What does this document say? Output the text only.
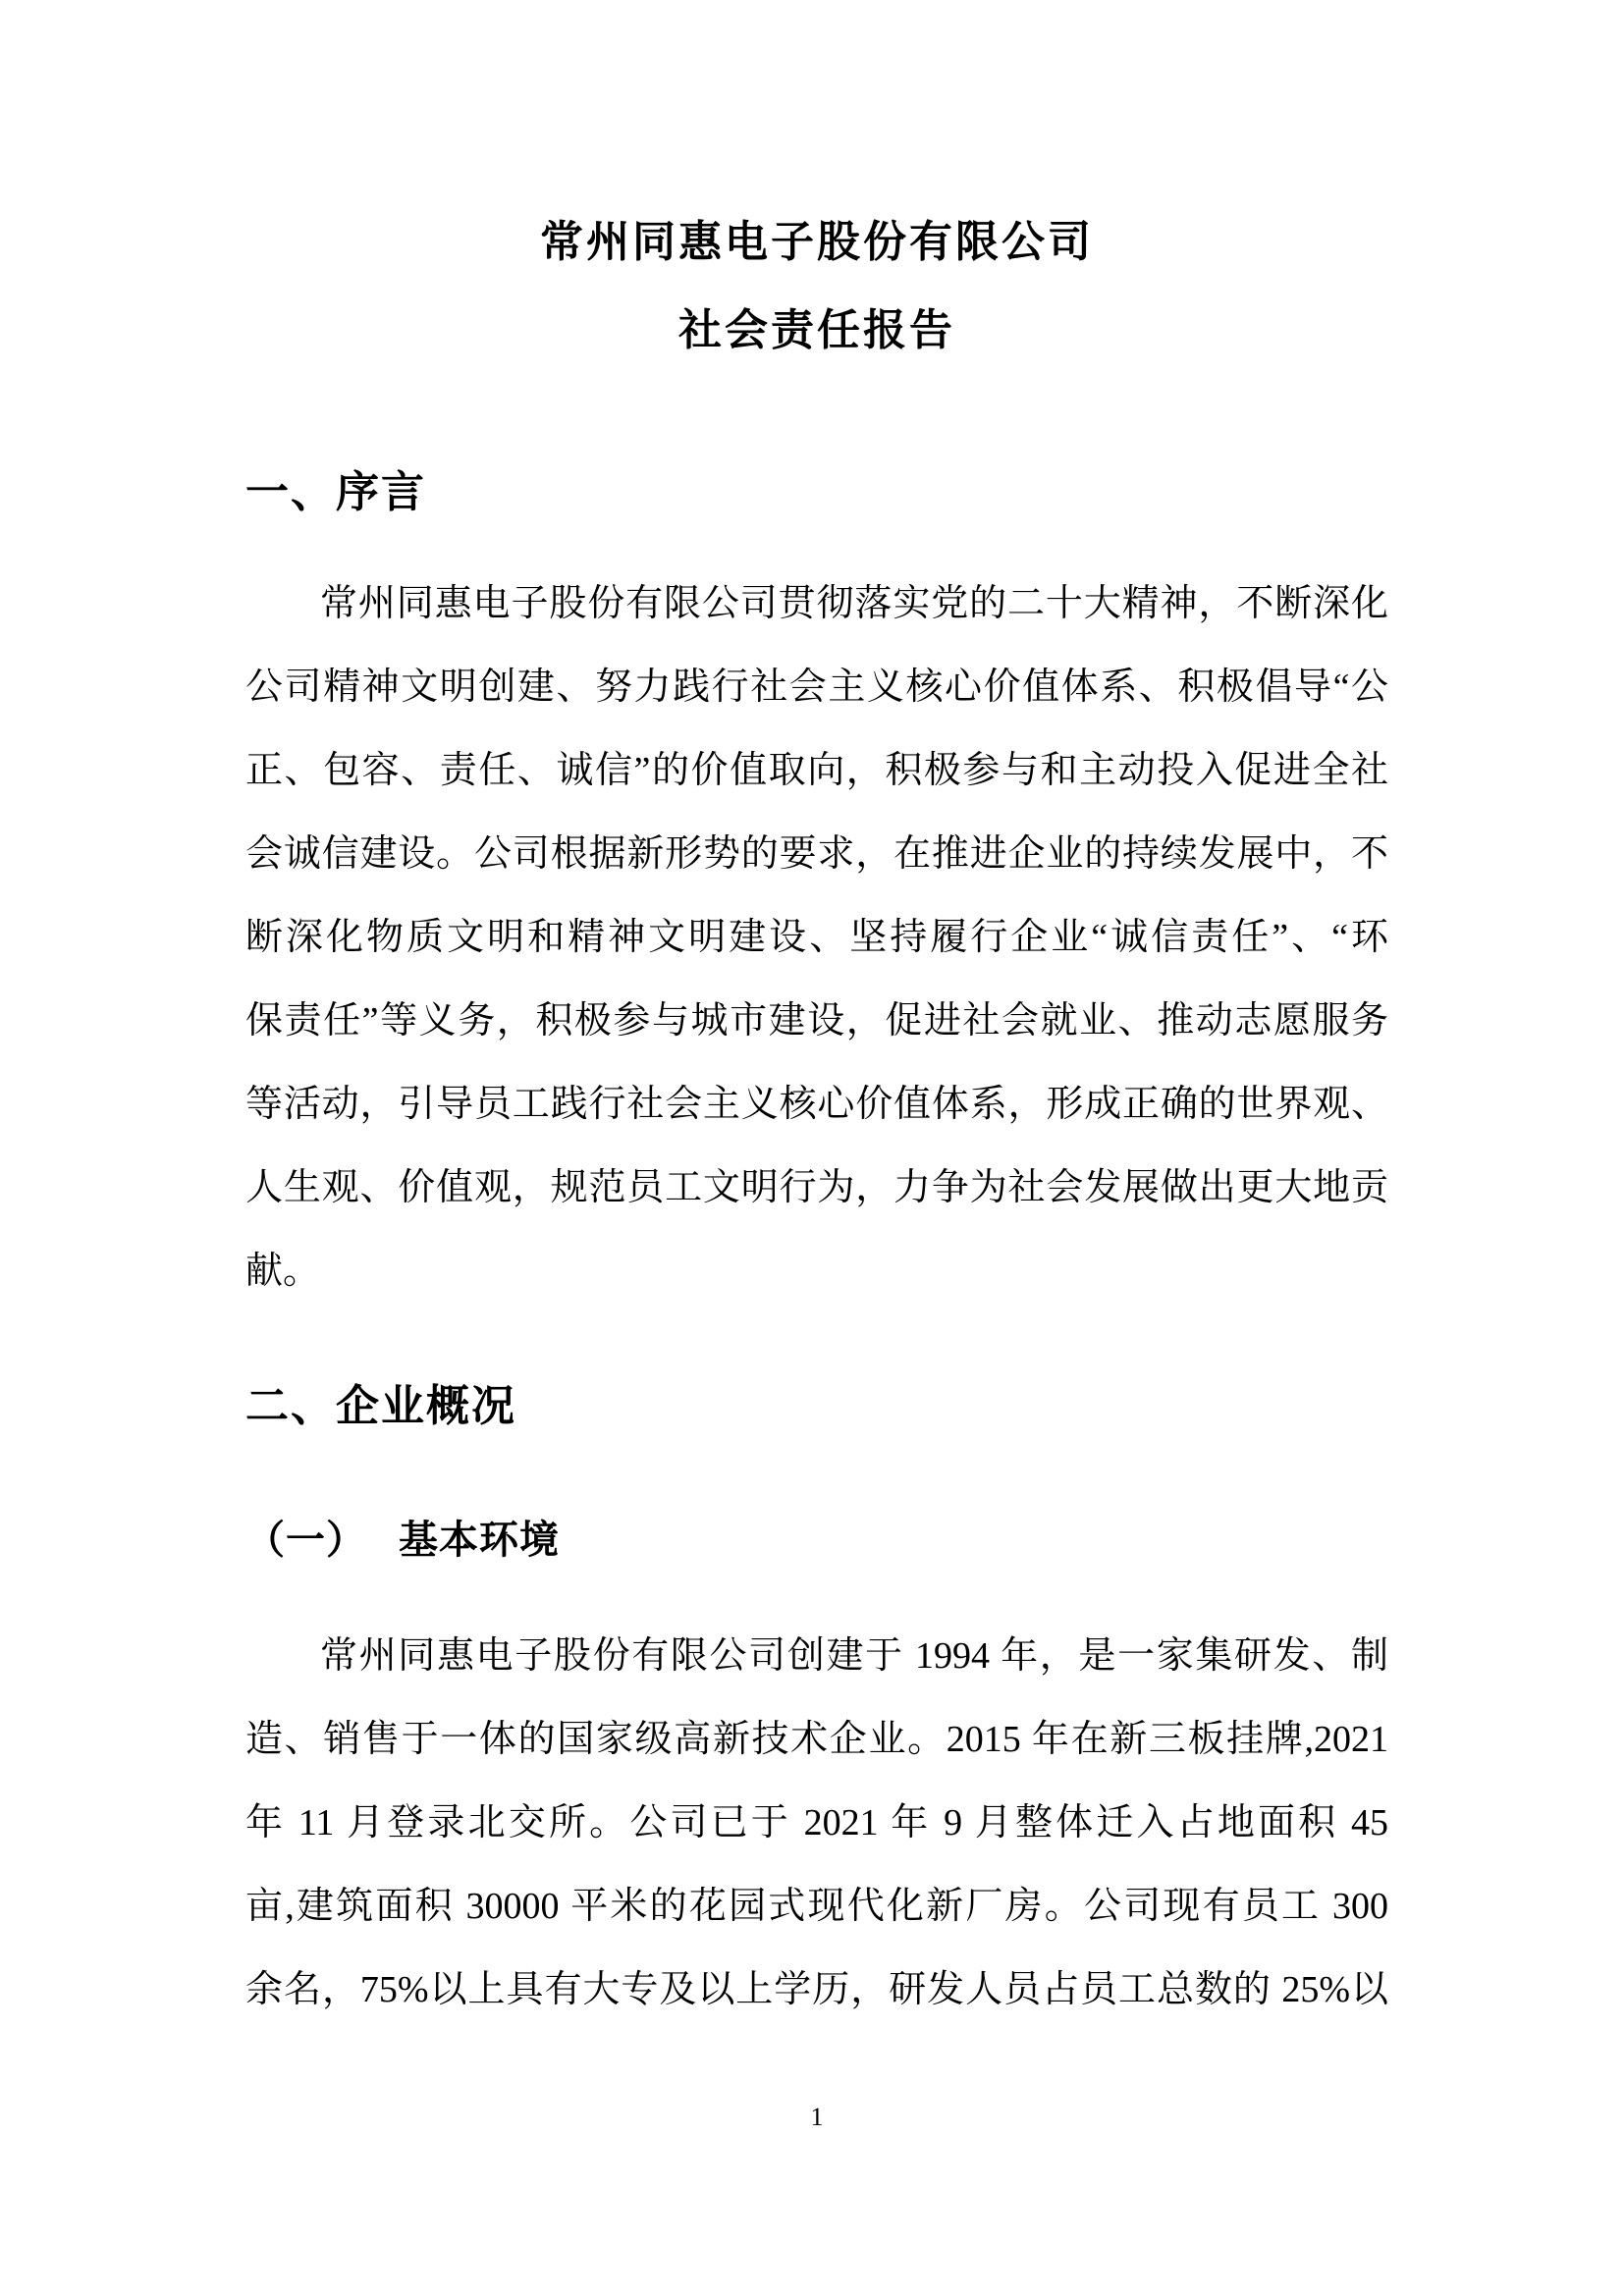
常州同惠电子股份有限公司
社会责任报告
一、序言
常州同惠电子股份有限公司贯彻落实党的二十大精神，不断深化
公司精神文明创建、努力践行社会主义核心价值体系、积极倡导“公
正、包容、责任、诚信”的价值取向，积极参与和主动投入促进全社
会诚信建设。公司根据新形势的要求，在推进企业的持续发展中，不
断深化物质文明和精神文明建设、坚持履行企业“诚信责任”、“环
保责任”等义务，积极参与城市建设，促进社会就业、推动志愿服务
等活动，引导员工践行社会主义核心价值体系，形成正确的世界观、
人生观、价值观，规范员工文明行为，力争为社会发展做出更大地贡
献。
二、企业概况
（一） 基本环境
常州同惠电子股份有限公司创建于 1994 年，是一家集研发、制
造、销售于一体的国家级高新技术企业。2015 年在新三板挂牌,2021
年 11 月登录北交所。公司已于 2021 年 9 月整体迁入占地面积 45
亩,建筑面积 30000 平米的花园式现代化新厂房。公司现有员工 300
余名，75%以上具有大专及以上学历，研发人员占员工总数的 25%以
1
